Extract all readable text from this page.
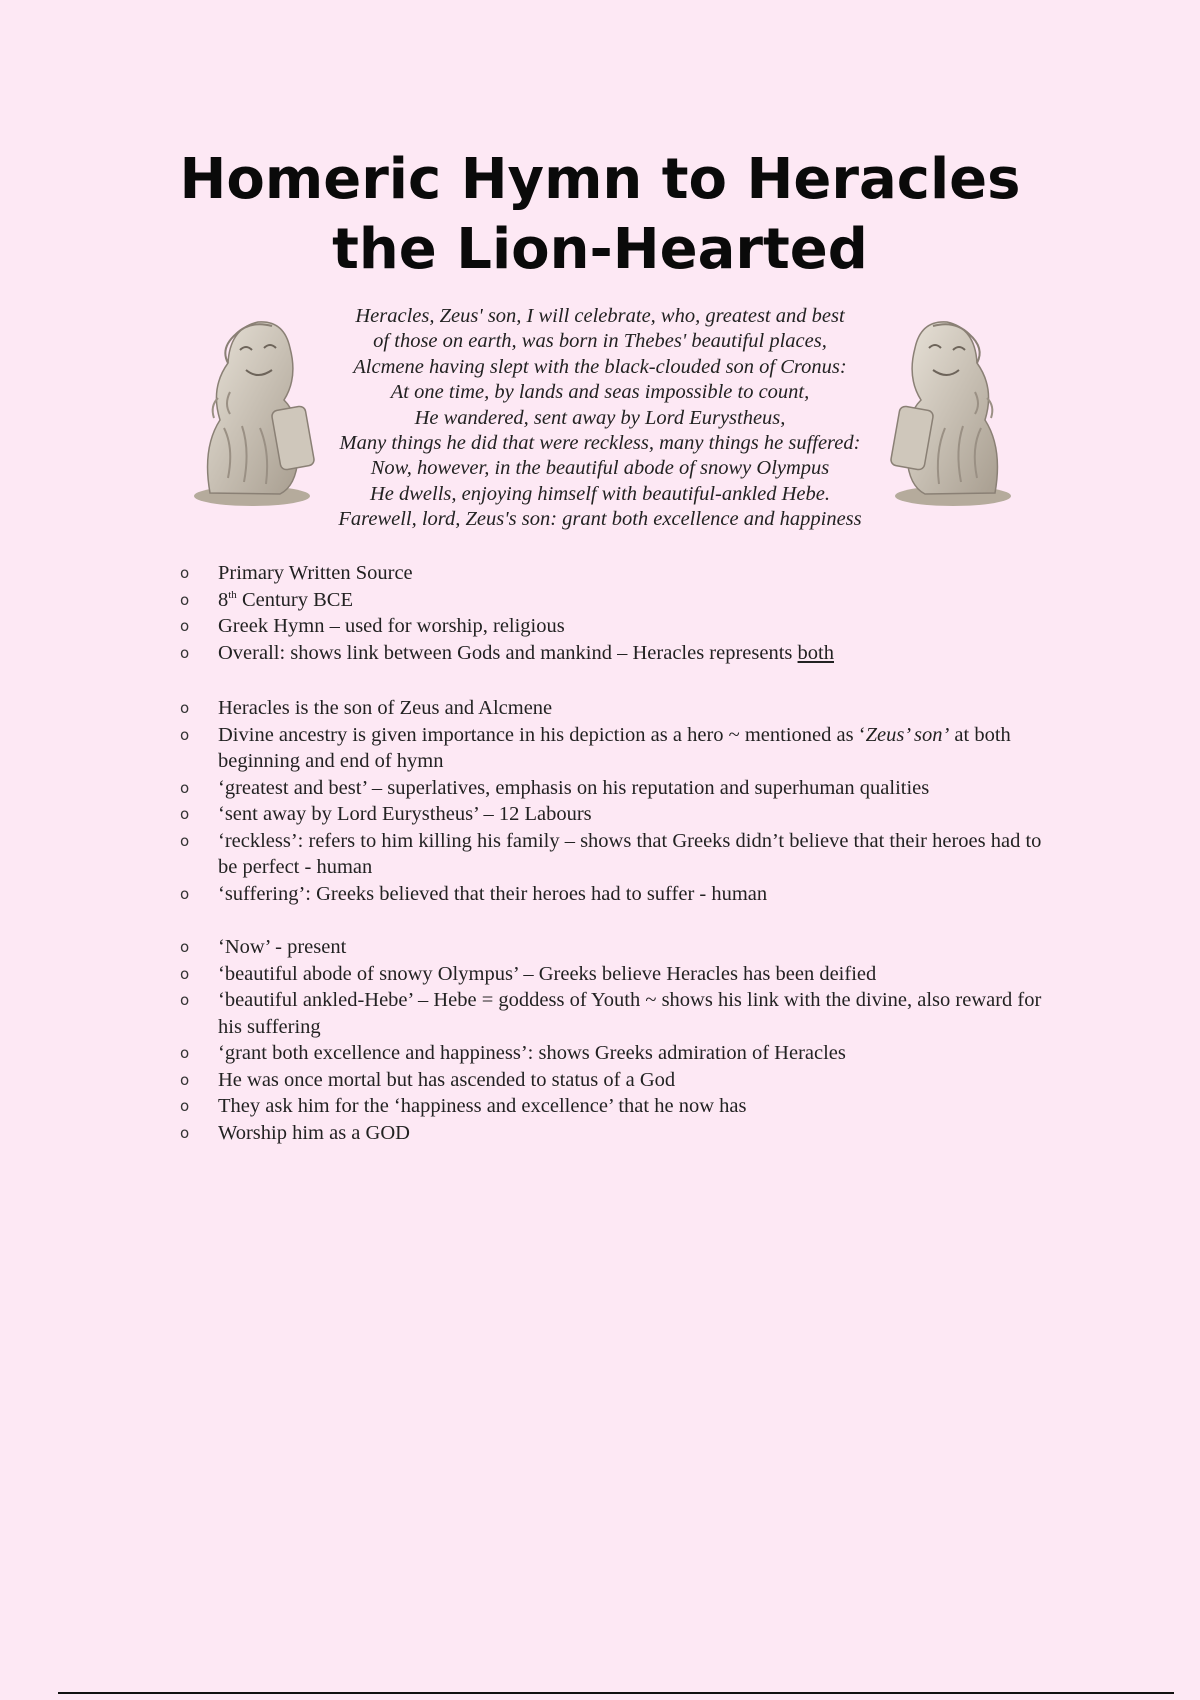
Homeric Hymn to Heracles
the Lion-Hearted
Heracles, Zeus' son, I will celebrate, who, greatest and best
of those on earth, was born in Thebes' beautiful places,
Alcmene having slept with the black-clouded son of Cronus:
At one time, by lands and seas impossible to count,
He wandered, sent away by Lord Eurystheus,
Many things he did that were reckless, many things he suffered:
Now, however, in the beautiful abode of snowy Olympus
He dwells, enjoying himself with beautiful-ankled Hebe.
Farewell, lord, Zeus's son: grant both excellence and happiness
o Primary Written Source
o 8th Century BCE
o Greek Hymn – used for worship, religious
o Overall: shows link between Gods and mankind – Heracles represents both
o Heracles is the son of Zeus and Alcmene
o Divine ancestry is given importance in his depiction as a hero ~ mentioned as ‘Zeus’ son’ at both beginning and end of hymn
o ‘greatest and best’ – superlatives, emphasis on his reputation and superhuman qualities
o ‘sent away by Lord Eurystheus’ – 12 Labours
o ‘reckless’: refers to him killing his family – shows that Greeks didn’t believe that their heroes had to be perfect - human
o ‘suffering’: Greeks believed that their heroes had to suffer - human
o ‘Now’ - present
o ‘beautiful abode of snowy Olympus’ – Greeks believe Heracles has been deified
o ‘beautiful ankled-Hebe’ – Hebe = goddess of Youth ~ shows his link with the divine, also reward for his suffering
o ‘grant both excellence and happiness’: shows Greeks admiration of Heracles
o He was once mortal but has ascended to status of a God
o They ask him for the ‘happiness and excellence’ that he now has
o Worship him as a GOD
